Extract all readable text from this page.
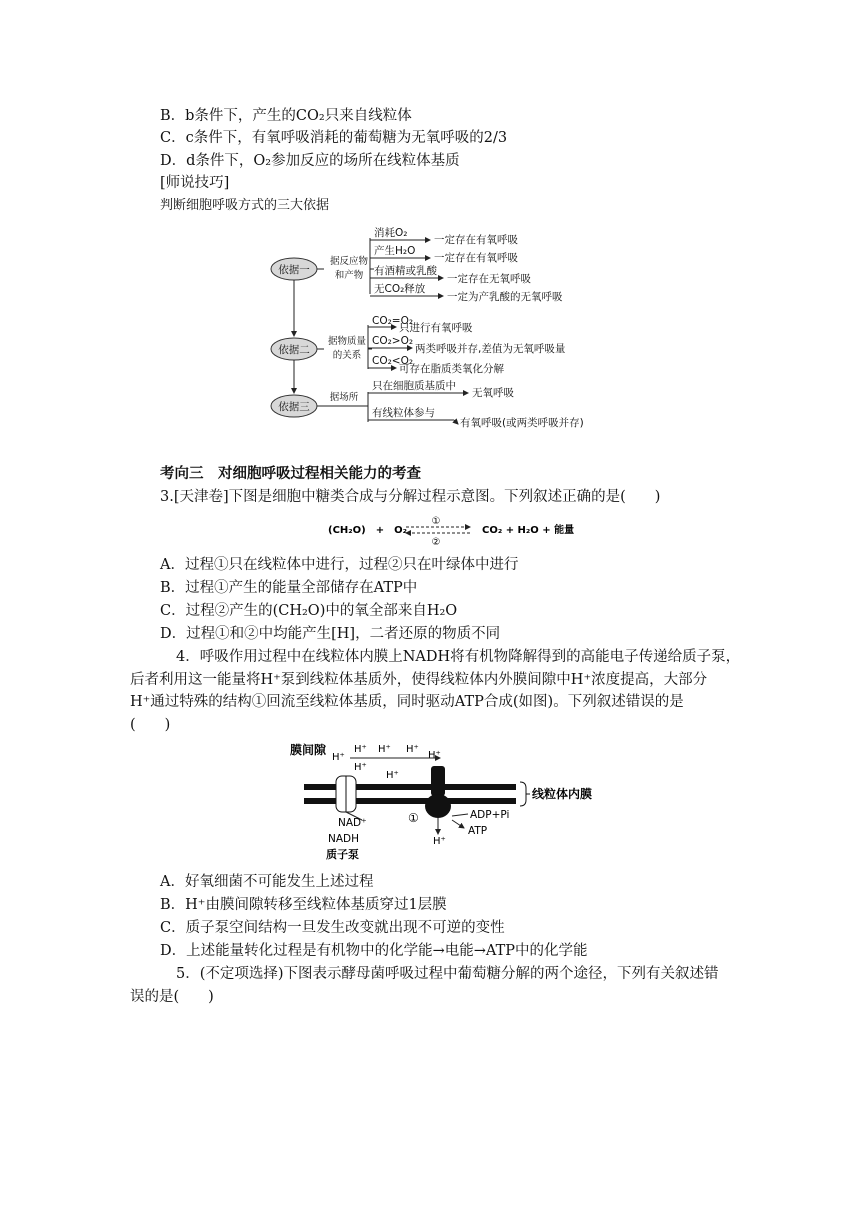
B．b条件下，产生的CO₂只来自线粒体
C．c条件下，有氧呼吸消耗的葡萄糖为无氧呼吸的2/3
D．d条件下，O₂参加反应的场所在线粒体基质
[师说技巧]
判断细胞呼吸方式的三大依据
依据一
依据二
依据三
据反应物
和产物
消耗O₂
一定存在有氧呼吸
产生H₂O
一定存在有氧呼吸
有酒精或乳酸
一定存在无氧呼吸
无CO₂释放
一定为产乳酸的无氧呼吸
据物质量
的关系
CO₂=O₂
只进行有氧呼吸
CO₂>O₂
两类呼吸并存,差值为无氧呼吸量
CO₂<O₂
可存在脂质类氧化分解
据场所
只在细胞质基质中
无氧呼吸
有线粒体参与
有氧呼吸(或两类呼吸并存)
考向三　对细胞呼吸过程相关能力的考查
3.[天津卷]下图是细胞中糖类合成与分解过程示意图。下列叙述正确的是(　　)
(CH₂O)　+　O₂
①
②
CO₂ + H₂O + 能量
A．过程①只在线粒体中进行，过程②只在叶绿体中进行
B．过程①产生的能量全部储存在ATP中
C．过程②产生的(CH₂O)中的氧全部来自H₂O
D．过程①和②中均能产生[H]，二者还原的物质不同
4．呼吸作用过程中在线粒体内膜上NADH将有机物降解得到的高能电子传递给质子泵，
后者利用这一能量将H⁺泵到线粒体基质外，使得线粒体内外膜间隙中H⁺浓度提高，大部分
H⁺通过特殊的结构①回流至线粒体基质，同时驱动ATP合成(如图)。下列叙述错误的是
(　　)
膜间隙
H⁺
H⁺ H⁺ H⁺
H⁺
H⁺
H⁺
线粒体内膜
NAD⁺
NADH
质子泵
①
H⁺
ADP+Pi
ATP
A．好氧细菌不可能发生上述过程
B．H⁺由膜间隙转移至线粒体基质穿过1层膜
C．质子泵空间结构一旦发生改变就出现不可逆的变性
D．上述能量转化过程是有机物中的化学能→电能→ATP中的化学能
5．(不定项选择)下图表示酵母菌呼吸过程中葡萄糖分解的两个途径，下列有关叙述错
误的是(　　)
